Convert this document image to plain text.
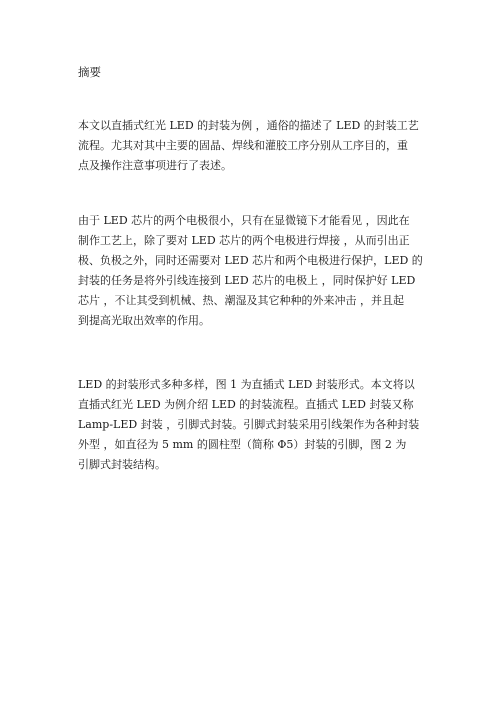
摘要

本文以直插式红光 LED 的封装为例 ，通俗的描述了 LED 的封装工艺
流程。尤其对其中主要的固晶、焊线和灌胶工序分别从工序目的，重
点及操作注意事项进行了表述。

由于 LED 芯片的两个电极很小，只有在显微镜下才能看见 ，因此在
制作工艺上，除了要对 LED 芯片的两个电极进行焊接 ，从而引出正
极、负极之外，同时还需要对 LED 芯片和两个电极进行保护，LED 的
封装的任务是将外引线连接到 LED 芯片的电极上 ，同时保护好 LED
芯片 ，不让其受到机械、热、潮湿及其它种种的外来冲击 ，并且起
到提高光取出效率的作用。

LED 的封装形式多种多样，图 1 为直插式 LED 封装形式。本文将以
直插式红光 LED 为例介绍 LED 的封装流程。直插式 LED 封装又称
Lamp-LED 封装 ，引脚式封装。引脚式封装采用引线架作为各种封装
外型 ，如直径为 5 mm 的圆柱型（简称 Φ5）封装的引脚，图 2 为
引脚式封装结构。
